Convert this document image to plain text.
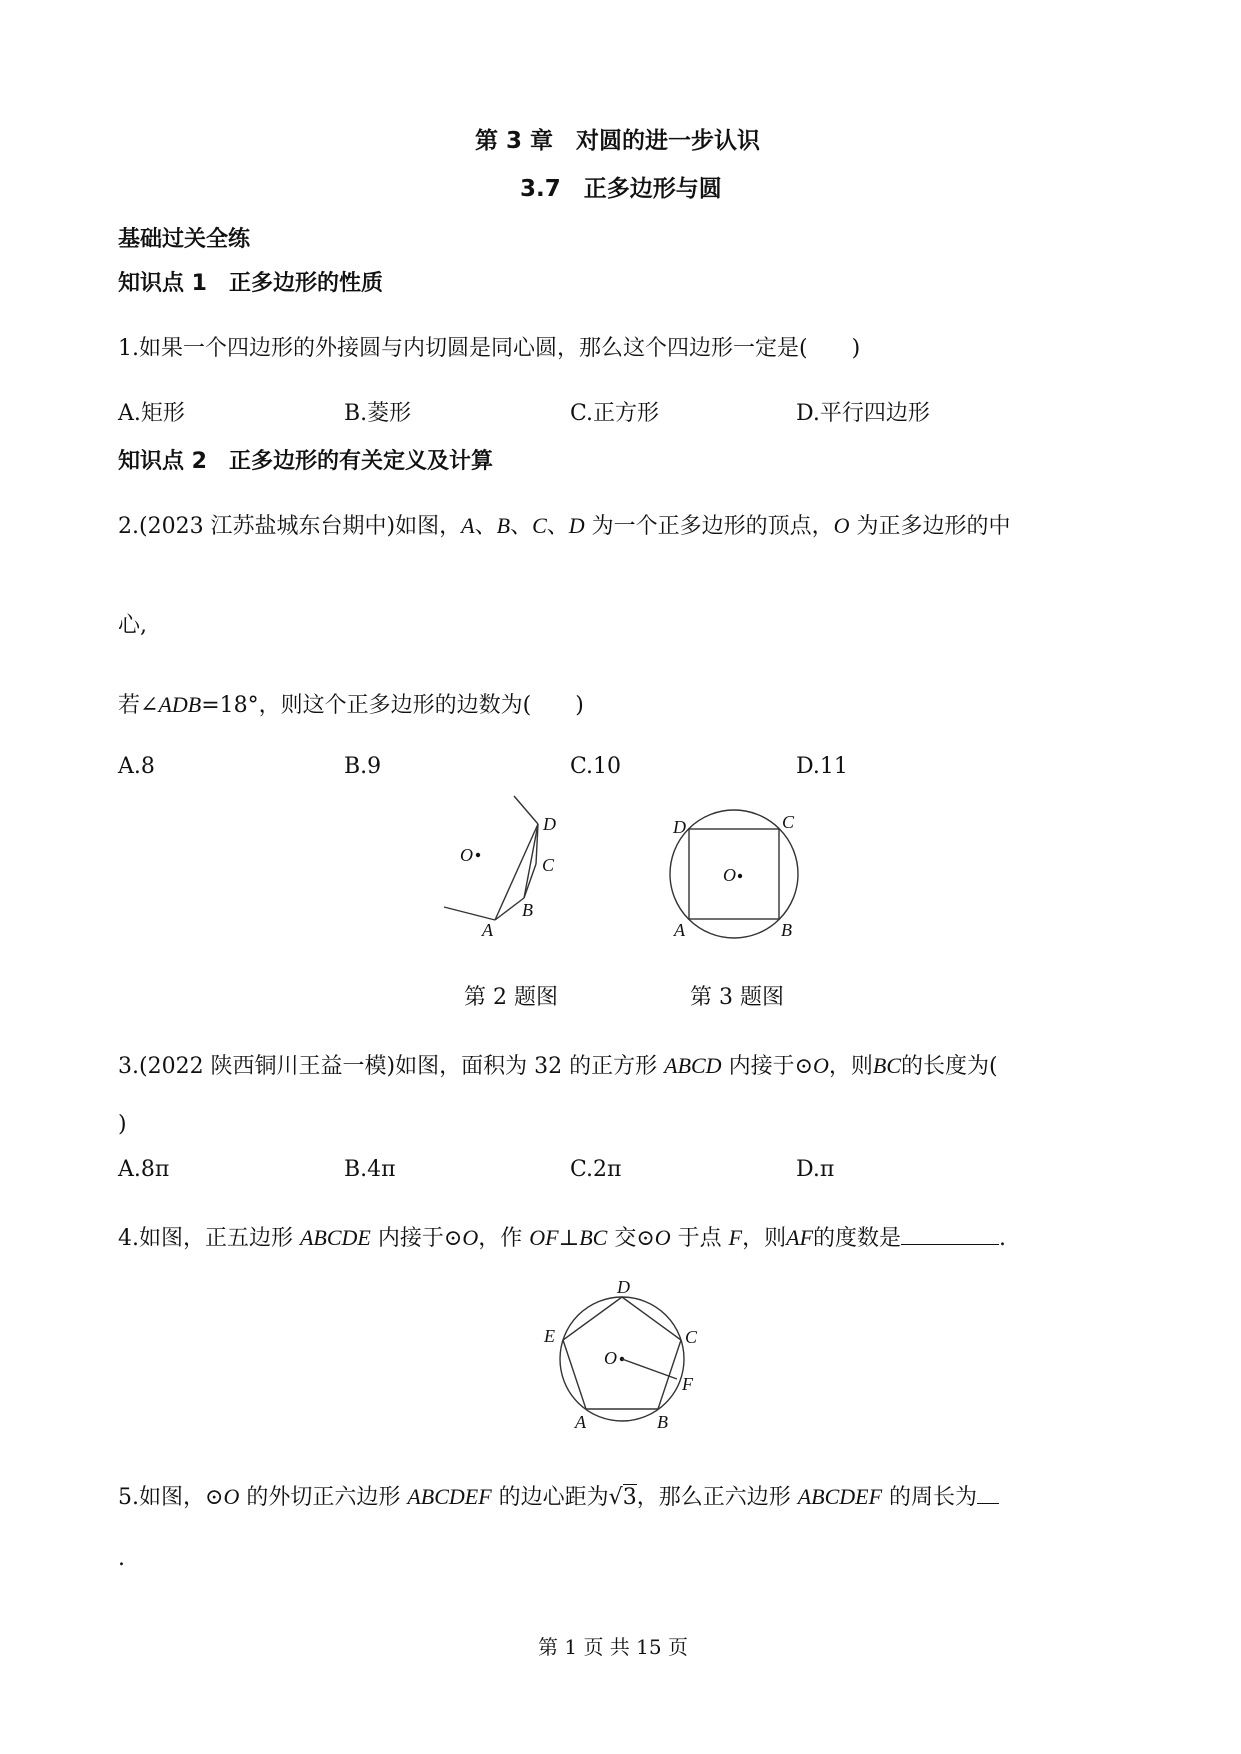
第 3 章　对圆的进一步认识
3.7　正多边形与圆
基础过关全练
知识点 1　正多边形的性质
1.如果一个四边形的外接圆与内切圆是同心圆，那么这个四边形一定是(　　)
A.矩形	B.菱形	C.正方形	D.平行四边形
知识点 2　正多边形的有关定义及计算
2.(2023 江苏盐城东台期中)如图，A、B、C、D 为一个正多边形的顶点，O 为正多边形的中
心,
若∠ADB=18°，则这个正多边形的边数为(　　)
A.8	B.9	C.10	D.11
O
D
C
B
A
O
D	C
A	B
第 2 题图	第 3 题图
3.(2022 陕西铜川王益一模)如图，面积为 32 的正方形 ABCD 内接于⊙O，则BC的长度为(
)
A.8π	B.4π	C.2π	D.π
4.如图，正五边形 ABCDE 内接于⊙O，作 OF⊥BC 交⊙O 于点 F，则AF的度数是	.
O
D
E	C
F
A	B
5.如图，⊙O 的外切正六边形 ABCDEF 的边心距为√3，那么正六边形 ABCDEF 的周长为
.
第 1 页 共 15 页
